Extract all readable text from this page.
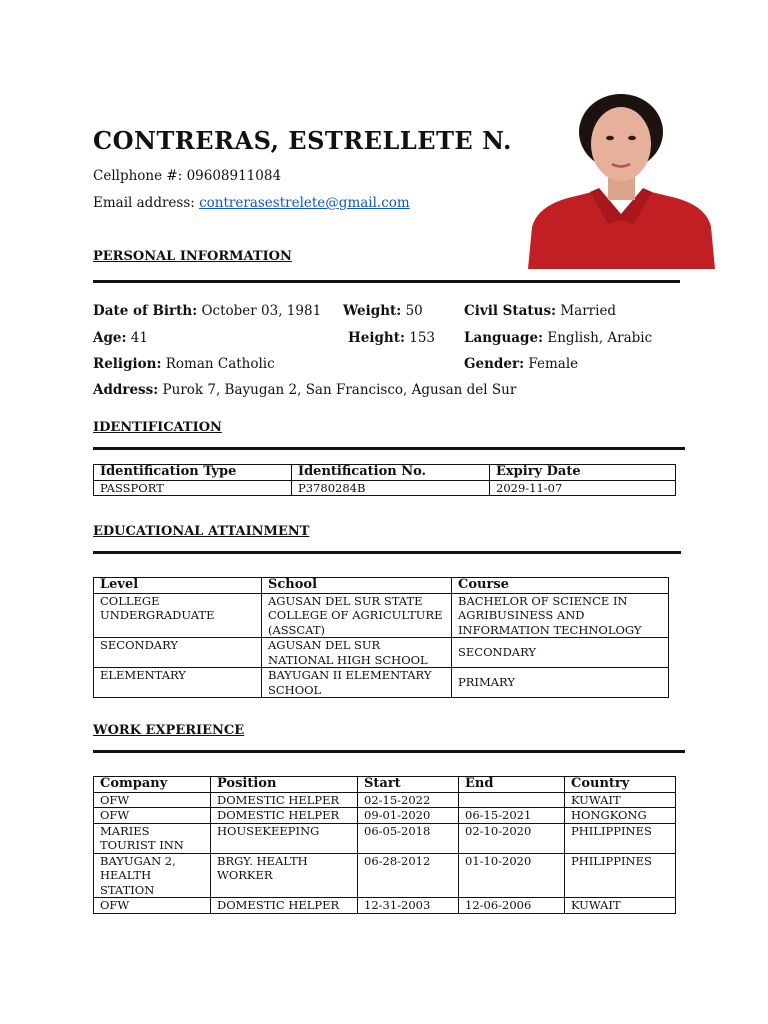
CONTRERAS, ESTRELLETE N.
Cellphone #: 09608911084
Email address: contrerasestrelete@gmail.com
PERSONAL INFORMATION
Date of Birth: October 03, 1981 Weight: 50	Civil Status: Married
Age: 41	Height: 153 Language: English, Arabic
Religion: Roman Catholic	Gender: Female
Address: Purok 7, Bayugan 2, San Francisco, Agusan del Sur
IDENTIFICATION
Identification Type	Identification No.	Expiry Date
PASSPORT	P3780284B	2029-11-07
EDUCATIONAL ATTAINMENT
Level	School	Course
COLLEGE UNDERGRADUATE	AGUSAN DEL SUR STATE COLLEGE OF AGRICULTURE (ASSCAT)	BACHELOR OF SCIENCE IN AGRIBUSINESS AND INFORMATION TECHNOLOGY
SECONDARY	AGUSAN DEL SUR NATIONAL HIGH SCHOOL	SECONDARY
ELEMENTARY	BAYUGAN II ELEMENTARY SCHOOL	PRIMARY
WORK EXPERIENCE
Company	Position	Start	End	Country
OFW	DOMESTIC HELPER	02-15-2022		KUWAIT
OFW	DOMESTIC HELPER	09-01-2020	06-15-2021	HONGKONG
MARIES TOURIST INN	HOUSEKEEPING	06-05-2018	02-10-2020	PHILIPPINES
BAYUGAN 2, HEALTH STATION	BRGY. HEALTH WORKER	06-28-2012	01-10-2020	PHILIPPINES
OFW	DOMESTIC HELPER	12-31-2003	12-06-2006	KUWAIT
